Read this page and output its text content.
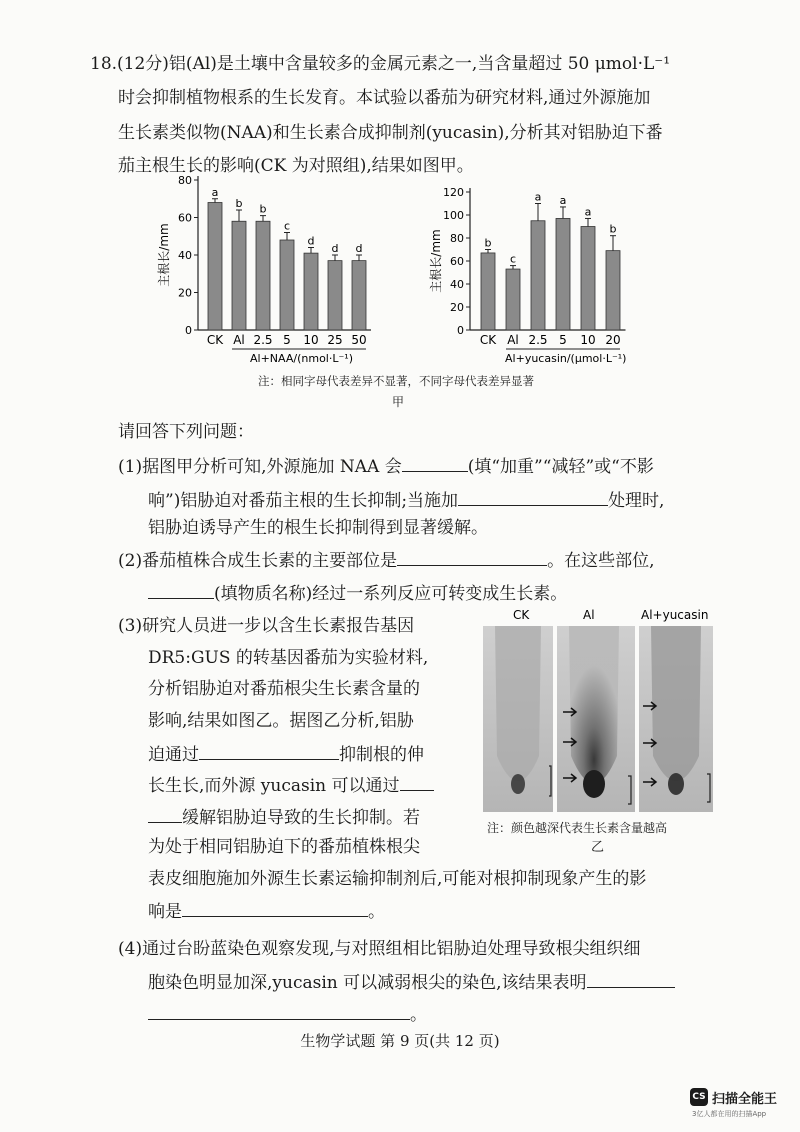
18.(12分)铝(Al)是土壤中含量较多的金属元素之一,当含量超过 50 μmol·L⁻¹
时会抑制植物根系的生长发育。本试验以番茄为研究材料,通过外源施加
生长素类似物(NAA)和生长素合成抑制剂(yucasin),分析其对铝胁迫下番
茄主根生长的影响(CK 为对照组),结果如图甲。
0
20
40
60
80
主根长/mm
a
CK
b
Al
b
2.5
c
5
d
10
d
25
d
50
Al+NAA/(nmol·L⁻¹)
0
20
40
60
80
100
120
主根长/mm	b
CK
c
Al
a
2.5
a
5
a
10
b
20
Al+yucasin/(μmol·L⁻¹)
注：相同字母代表差异不显著，不同字母代表差异显著
甲
请回答下列问题：
(1)据图甲分析可知,外源施加 NAA 会	(填“加重”“减轻”或“不影
响”)铝胁迫对番茄主根的生长抑制;当施加	处理时,
铝胁迫诱导产生的根生长抑制得到显著缓解。
(2)番茄植株合成生长素的主要部位是	。在这些部位,
(填物质名称)经过一系列反应可转变成生长素。
(3)研究人员进一步以含生长素报告基因
DR5:GUS 的转基因番茄为实验材料,
分析铝胁迫对番茄根尖生长素含量的
影响,结果如图乙。据图乙分析,铝胁
迫通过	抑制根的伸
长生长,而外源 yucasin 可以通过
缓解铝胁迫导致的生长抑制。若
为处于相同铝胁迫下的番茄植株根尖
表皮细胞施加外源生长素运输抑制剂后,可能对根抑制现象产生的影
响是	。
CK	Al	Al+yucasin
注：颜色越深代表生长素含量越高
乙
(4)通过台盼蓝染色观察发现,与对照组相比铝胁迫处理导致根尖组织细
胞染色明显加深,yucasin 可以减弱根尖的染色,该结果表明
。
生物学试题 第 9 页(共 12 页)
CS 扫描全能王
3亿人都在用的扫描App
